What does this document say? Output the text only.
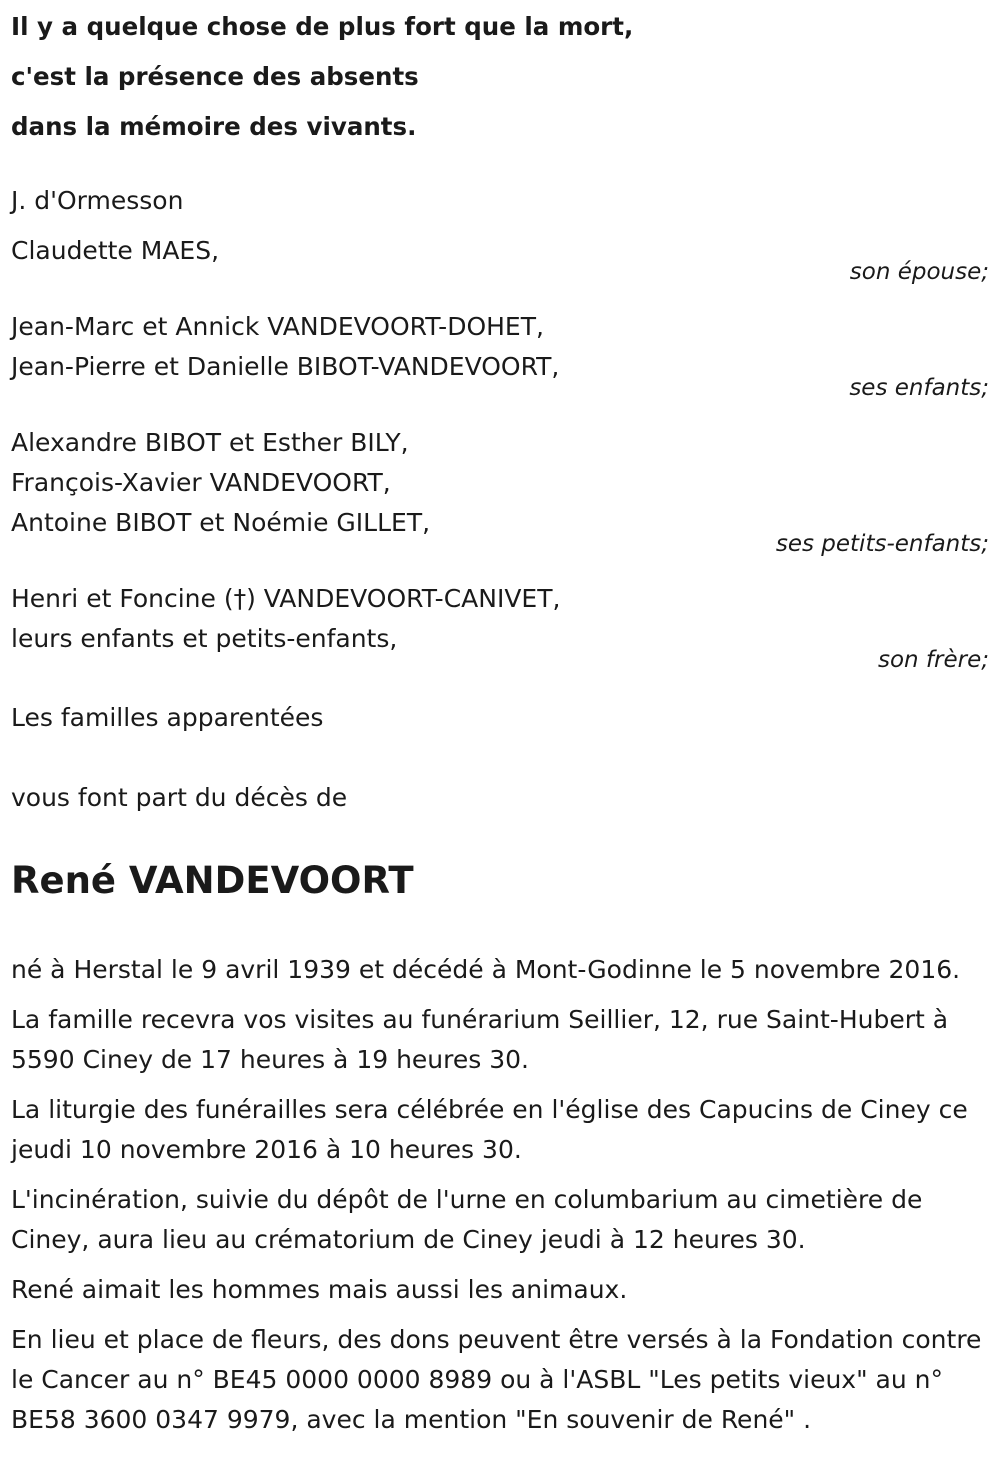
Il y a quelque chose de plus fort que la mort,
c'est la présence des absents
dans la mémoire des vivants.
J. d'Ormesson
Claudette MAES,
son épouse;
Jean-Marc et Annick VANDEVOORT-DOHET,
Jean-Pierre et Danielle BIBOT-VANDEVOORT,
ses enfants;
Alexandre BIBOT et Esther BILY,
François-Xavier VANDEVOORT,
Antoine BIBOT et Noémie GILLET,
ses petits-enfants;
Henri et Foncine (†) VANDEVOORT-CANIVET,
leurs enfants et petits-enfants,
son frère;
Les familles apparentées
vous font part du décès de
René VANDEVOORT
né à Herstal le 9 avril 1939 et décédé à Mont-Godinne le 5 novembre 2016.
La famille recevra vos visites au funérarium Seillier, 12, rue Saint-Hubert à 5590 Ciney de 17 heures à 19 heures 30.
La liturgie des funérailles sera célébrée en l'église des Capucins de Ciney ce jeudi 10 novembre 2016 à 10 heures 30.
L'incinération, suivie du dépôt de l'urne en columbarium au cimetière de Ciney, aura lieu au crématorium de Ciney jeudi à 12 heures 30.
René aimait les hommes mais aussi les animaux.
En lieu et place de fleurs, des dons peuvent être versés à la Fondation contre le Cancer au n° BE45 0000 0000 8989 ou à l'ASBL "Les petits vieux" au n° BE58 3600 0347 9979, avec la mention "En souvenir de René" .
